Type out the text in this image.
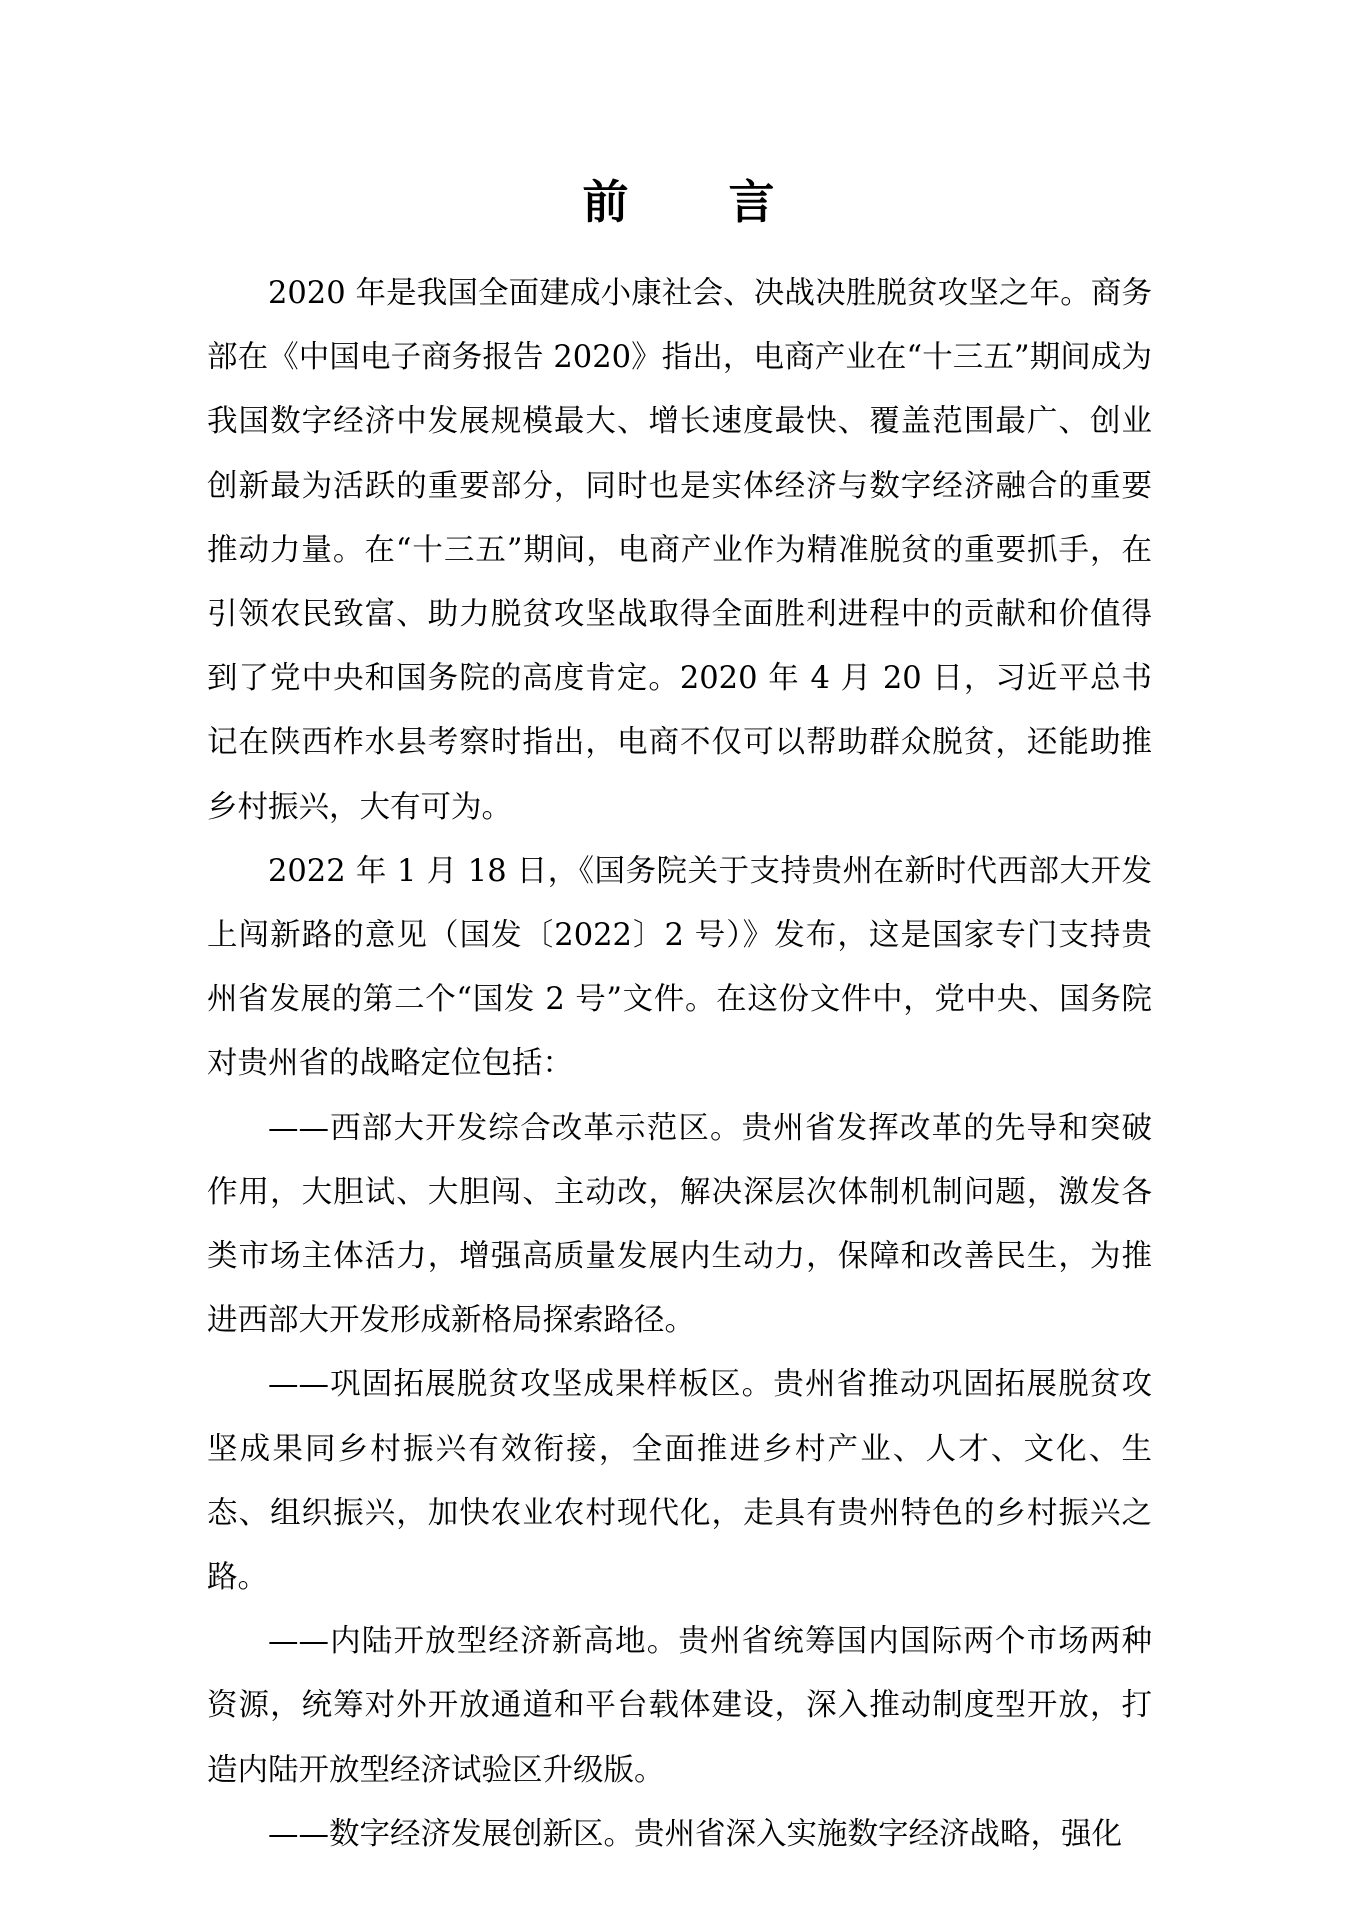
前 言

2020 年是我国全面建成小康社会、决战决胜脱贫攻坚之年。商务部在《中国电子商务报告 2020》指出，电商产业在“十三五”期间成为我国数字经济中发展规模最大、增长速度最快、覆盖范围最广、创业创新最为活跃的重要部分，同时也是实体经济与数字经济融合的重要推动力量。在“十三五”期间，电商产业作为精准脱贫的重要抓手，在引领农民致富、助力脱贫攻坚战取得全面胜利进程中的贡献和价值得到了党中央和国务院的高度肯定。2020 年 4 月 20 日，习近平总书记在陕西柞水县考察时指出，电商不仅可以帮助群众脱贫，还能助推乡村振兴，大有可为。

2022 年 1 月 18 日，《国务院关于支持贵州在新时代西部大开发上闯新路的意见（国发〔2022〕2 号）》发布，这是国家专门支持贵州省发展的第二个“国发 2 号”文件。在这份文件中，党中央、国务院对贵州省的战略定位包括：

——西部大开发综合改革示范区。贵州省发挥改革的先导和突破作用，大胆试、大胆闯、主动改，解决深层次体制机制问题，激发各类市场主体活力，增强高质量发展内生动力，保障和改善民生，为推进西部大开发形成新格局探索路径。

——巩固拓展脱贫攻坚成果样板区。贵州省推动巩固拓展脱贫攻坚成果同乡村振兴有效衔接，全面推进乡村产业、人才、文化、生态、组织振兴，加快农业农村现代化，走具有贵州特色的乡村振兴之路。

——内陆开放型经济新高地。贵州省统筹国内国际两个市场两种资源，统筹对外开放通道和平台载体建设，深入推动制度型开放，打造内陆开放型经济试验区升级版。

——数字经济发展创新区。贵州省深入实施数字经济战略，强化
